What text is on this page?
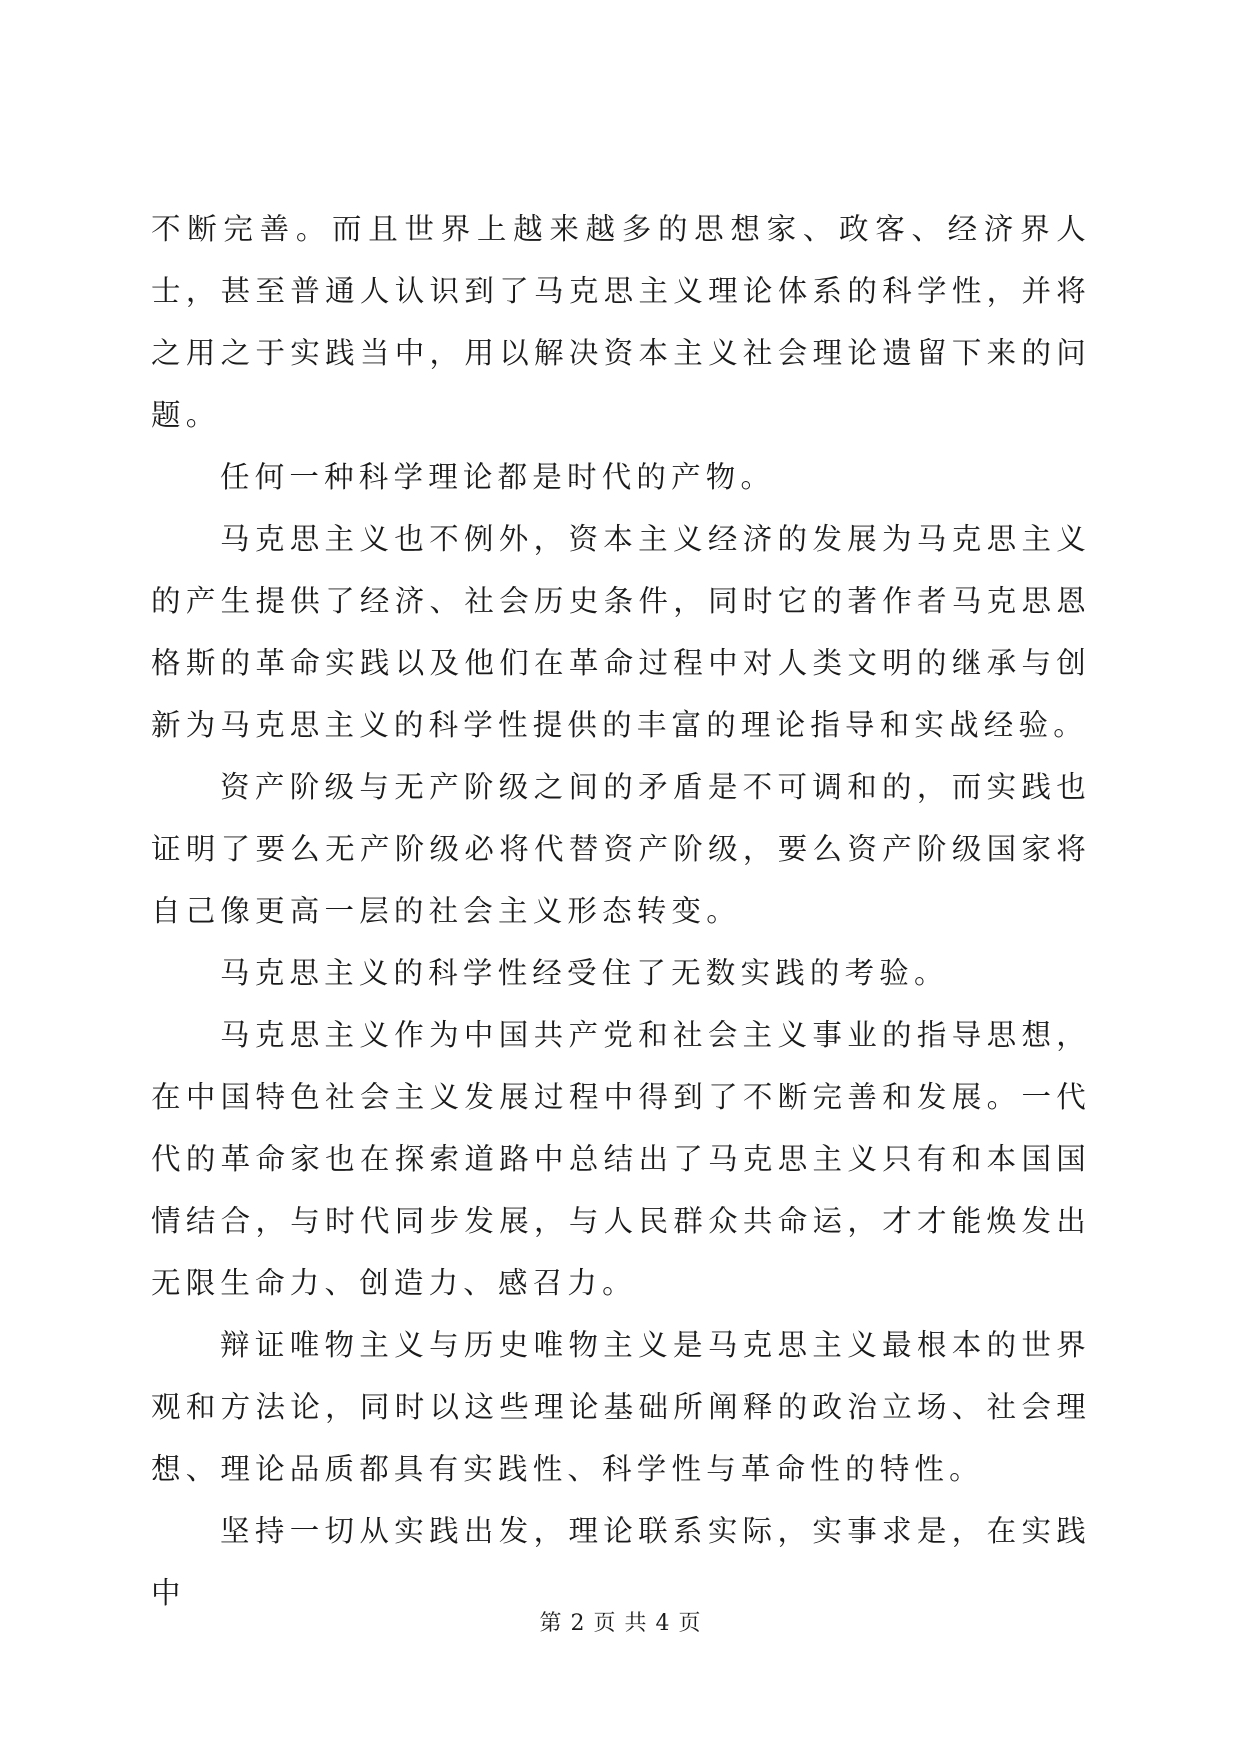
不断完善。而且世界上越来越多的思想家、政客、经济界人士，甚至普通人认识到了马克思主义理论体系的科学性，并将之用之于实践当中，用以解决资本主义社会理论遗留下来的问题。

任何一种科学理论都是时代的产物。

马克思主义也不例外，资本主义经济的发展为马克思主义的产生提供了经济、社会历史条件，同时它的著作者马克思恩格斯的革命实践以及他们在革命过程中对人类文明的继承与创新为马克思主义的科学性提供的丰富的理论指导和实战经验。

资产阶级与无产阶级之间的矛盾是不可调和的，而实践也证明了要么无产阶级必将代替资产阶级，要么资产阶级国家将自己像更高一层的社会主义形态转变。

马克思主义的科学性经受住了无数实践的考验。

马克思主义作为中国共产党和社会主义事业的指导思想，在中国特色社会主义发展过程中得到了不断完善和发展。一代代的革命家也在探索道路中总结出了马克思主义只有和本国国情结合，与时代同步发展，与人民群众共命运，才才能焕发出无限生命力、创造力、感召力。

辩证唯物主义与历史唯物主义是马克思主义最根本的世界观和方法论，同时以这些理论基础所阐释的政治立场、社会理想、理论品质都具有实践性、科学性与革命性的特性。

坚持一切从实践出发，理论联系实际，实事求是，在实践中

第 2 页 共 4 页
